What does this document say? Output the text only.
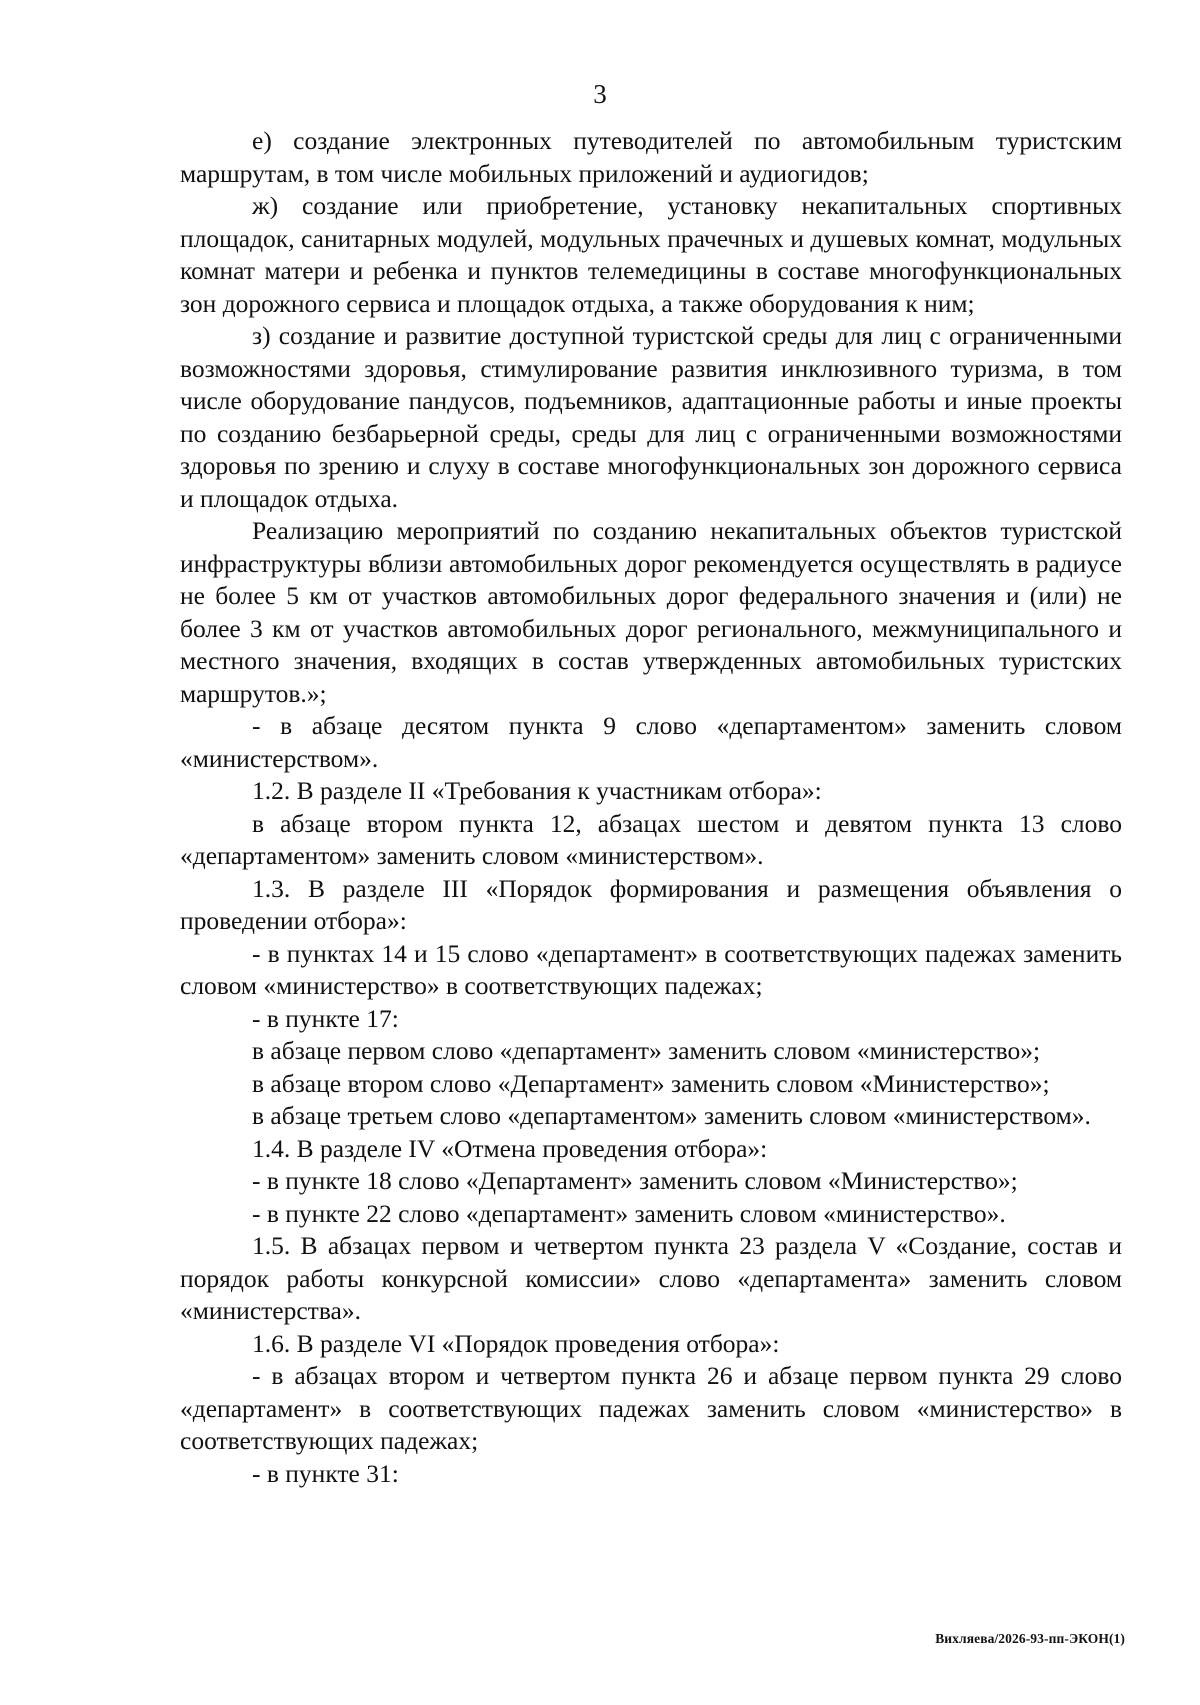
3

е) создание электронных путеводителей по автомобильным туристским маршрутам, в том числе мобильных приложений и аудиогидов;

ж) создание или приобретение, установку некапитальных спортивных площадок, санитарных модулей, модульных прачечных и душевых комнат, модульных комнат матери и ребенка и пунктов телемедицины в составе многофункциональных зон дорожного сервиса и площадок отдыха, а также оборудования к ним;

з) создание и развитие доступной туристской среды для лиц с ограниченными возможностями здоровья, стимулирование развития инклюзивного туризма, в том числе оборудование пандусов, подъемников, адаптационные работы и иные проекты по созданию безбарьерной среды, среды для лиц с ограниченными возможностями здоровья по зрению и слуху в составе многофункциональных зон дорожного сервиса и площадок отдыха.

Реализацию мероприятий по созданию некапитальных объектов туристской инфраструктуры вблизи автомобильных дорог рекомендуется осуществлять в радиусе не более 5 км от участков автомобильных дорог федерального значения и (или) не более 3 км от участков автомобильных дорог регионального, межмуниципального и местного значения, входящих в состав утвержденных автомобильных туристских маршрутов.»;

- в абзаце десятом пункта 9 слово «департаментом» заменить словом «министерством».

1.2. В разделе II «Требования к участникам отбора»:

в абзаце втором пункта 12, абзацах шестом и девятом пункта 13 слово «департаментом» заменить словом «министерством».

1.3. В разделе III «Порядок формирования и размещения объявления о проведении отбора»:

- в пунктах 14 и 15 слово «департамент» в соответствующих падежах заменить словом «министерство» в соответствующих падежах;

- в пункте 17:

в абзаце первом слово «департамент» заменить словом «министерство»;

в абзаце втором слово «Департамент» заменить словом «Министерство»;

в абзаце третьем слово «департаментом» заменить словом «министерством».

1.4. В разделе IV «Отмена проведения отбора»:

- в пункте 18 слово «Департамент» заменить словом «Министерство»;

- в пункте 22 слово «департамент» заменить словом «министерство».

1.5. В абзацах первом и четвертом пункта 23 раздела V «Создание, состав и порядок работы конкурсной комиссии» слово «департамента» заменить словом «министерства».

1.6. В разделе VI «Порядок проведения отбора»:

- в абзацах втором и четвертом пункта 26 и абзаце первом пункта 29 слово «департамент» в соответствующих падежах заменить словом «министерство» в соответствующих падежах;

- в пункте 31:

Вихляева/2026-93-пп-ЭКОН(1)
